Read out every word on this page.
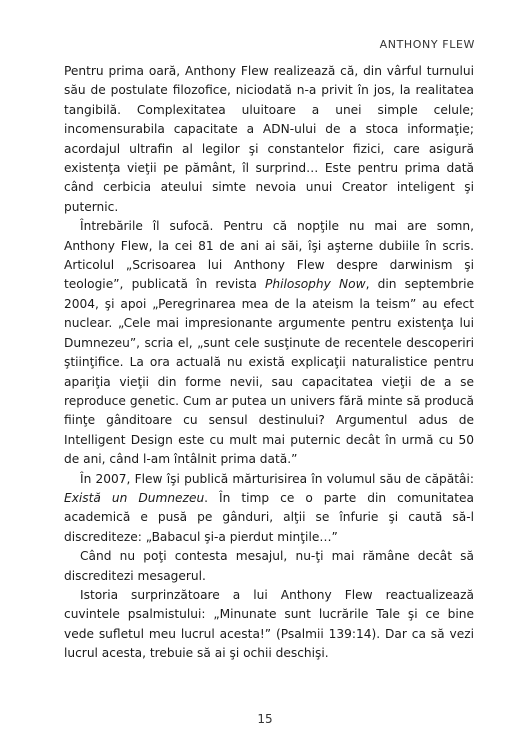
ANTHONY FLEW

Pentru prima oară, Anthony Flew realizează că, din vârful turnului său de postulate filozofice, niciodată n-a privit în jos, la realitatea tangibilă. Complexitatea uluitoare a unei simple celule; incomensurabila capacitate a ADN-ului de a stoca informaţie; acordajul ultrafin al legilor şi constantelor fizici, care asigură existenţa vieţii pe pământ, îl surprind… Este pentru prima dată când cerbicia ateului simte nevoia unui Creator inteligent şi puternic.

Întrebările îl sufocă. Pentru că nopţile nu mai are somn, Anthony Flew, la cei 81 de ani ai săi, îşi aşterne dubiile în scris. Articolul „Scrisoarea lui Anthony Flew despre darwinism şi teologie”, publicată în revista Philosophy Now, din septembrie 2004, şi apoi „Peregrinarea mea de la ateism la teism” au efect nuclear. „Cele mai impresionante argumente pentru existenţa lui Dumnezeu”, scria el, „sunt cele susţinute de recentele descoperiri ştiinţifice. La ora actuală nu există explicaţii naturalistice pentru apariţia vieţii din forme nevii, sau capacitatea vieţii de a se reproduce genetic. Cum ar putea un univers fără minte să producă fiinţe gânditoare cu sensul destinului? Argumentul adus de Intelligent Design este cu mult mai puternic decât în urmă cu 50 de ani, când l-am întâlnit prima dată.”

În 2007, Flew îşi publică mărturisirea în volumul său de căpătâi: Există un Dumnezeu. În timp ce o parte din comunitatea academică e pusă pe gânduri, alţii se înfurie şi caută să-l discrediteze: „Babacul şi-a pierdut minţile…”

Când nu poţi contesta mesajul, nu-ţi mai rămâne decât să discreditezi mesagerul.

Istoria surprinzătoare a lui Anthony Flew reactualizează cuvintele psalmistului: „Minunate sunt lucrările Tale şi ce bine vede sufletul meu lucrul acesta!” (Psalmii 139:14). Dar ca să vezi lucrul acesta, trebuie să ai şi ochii deschişi.

15
